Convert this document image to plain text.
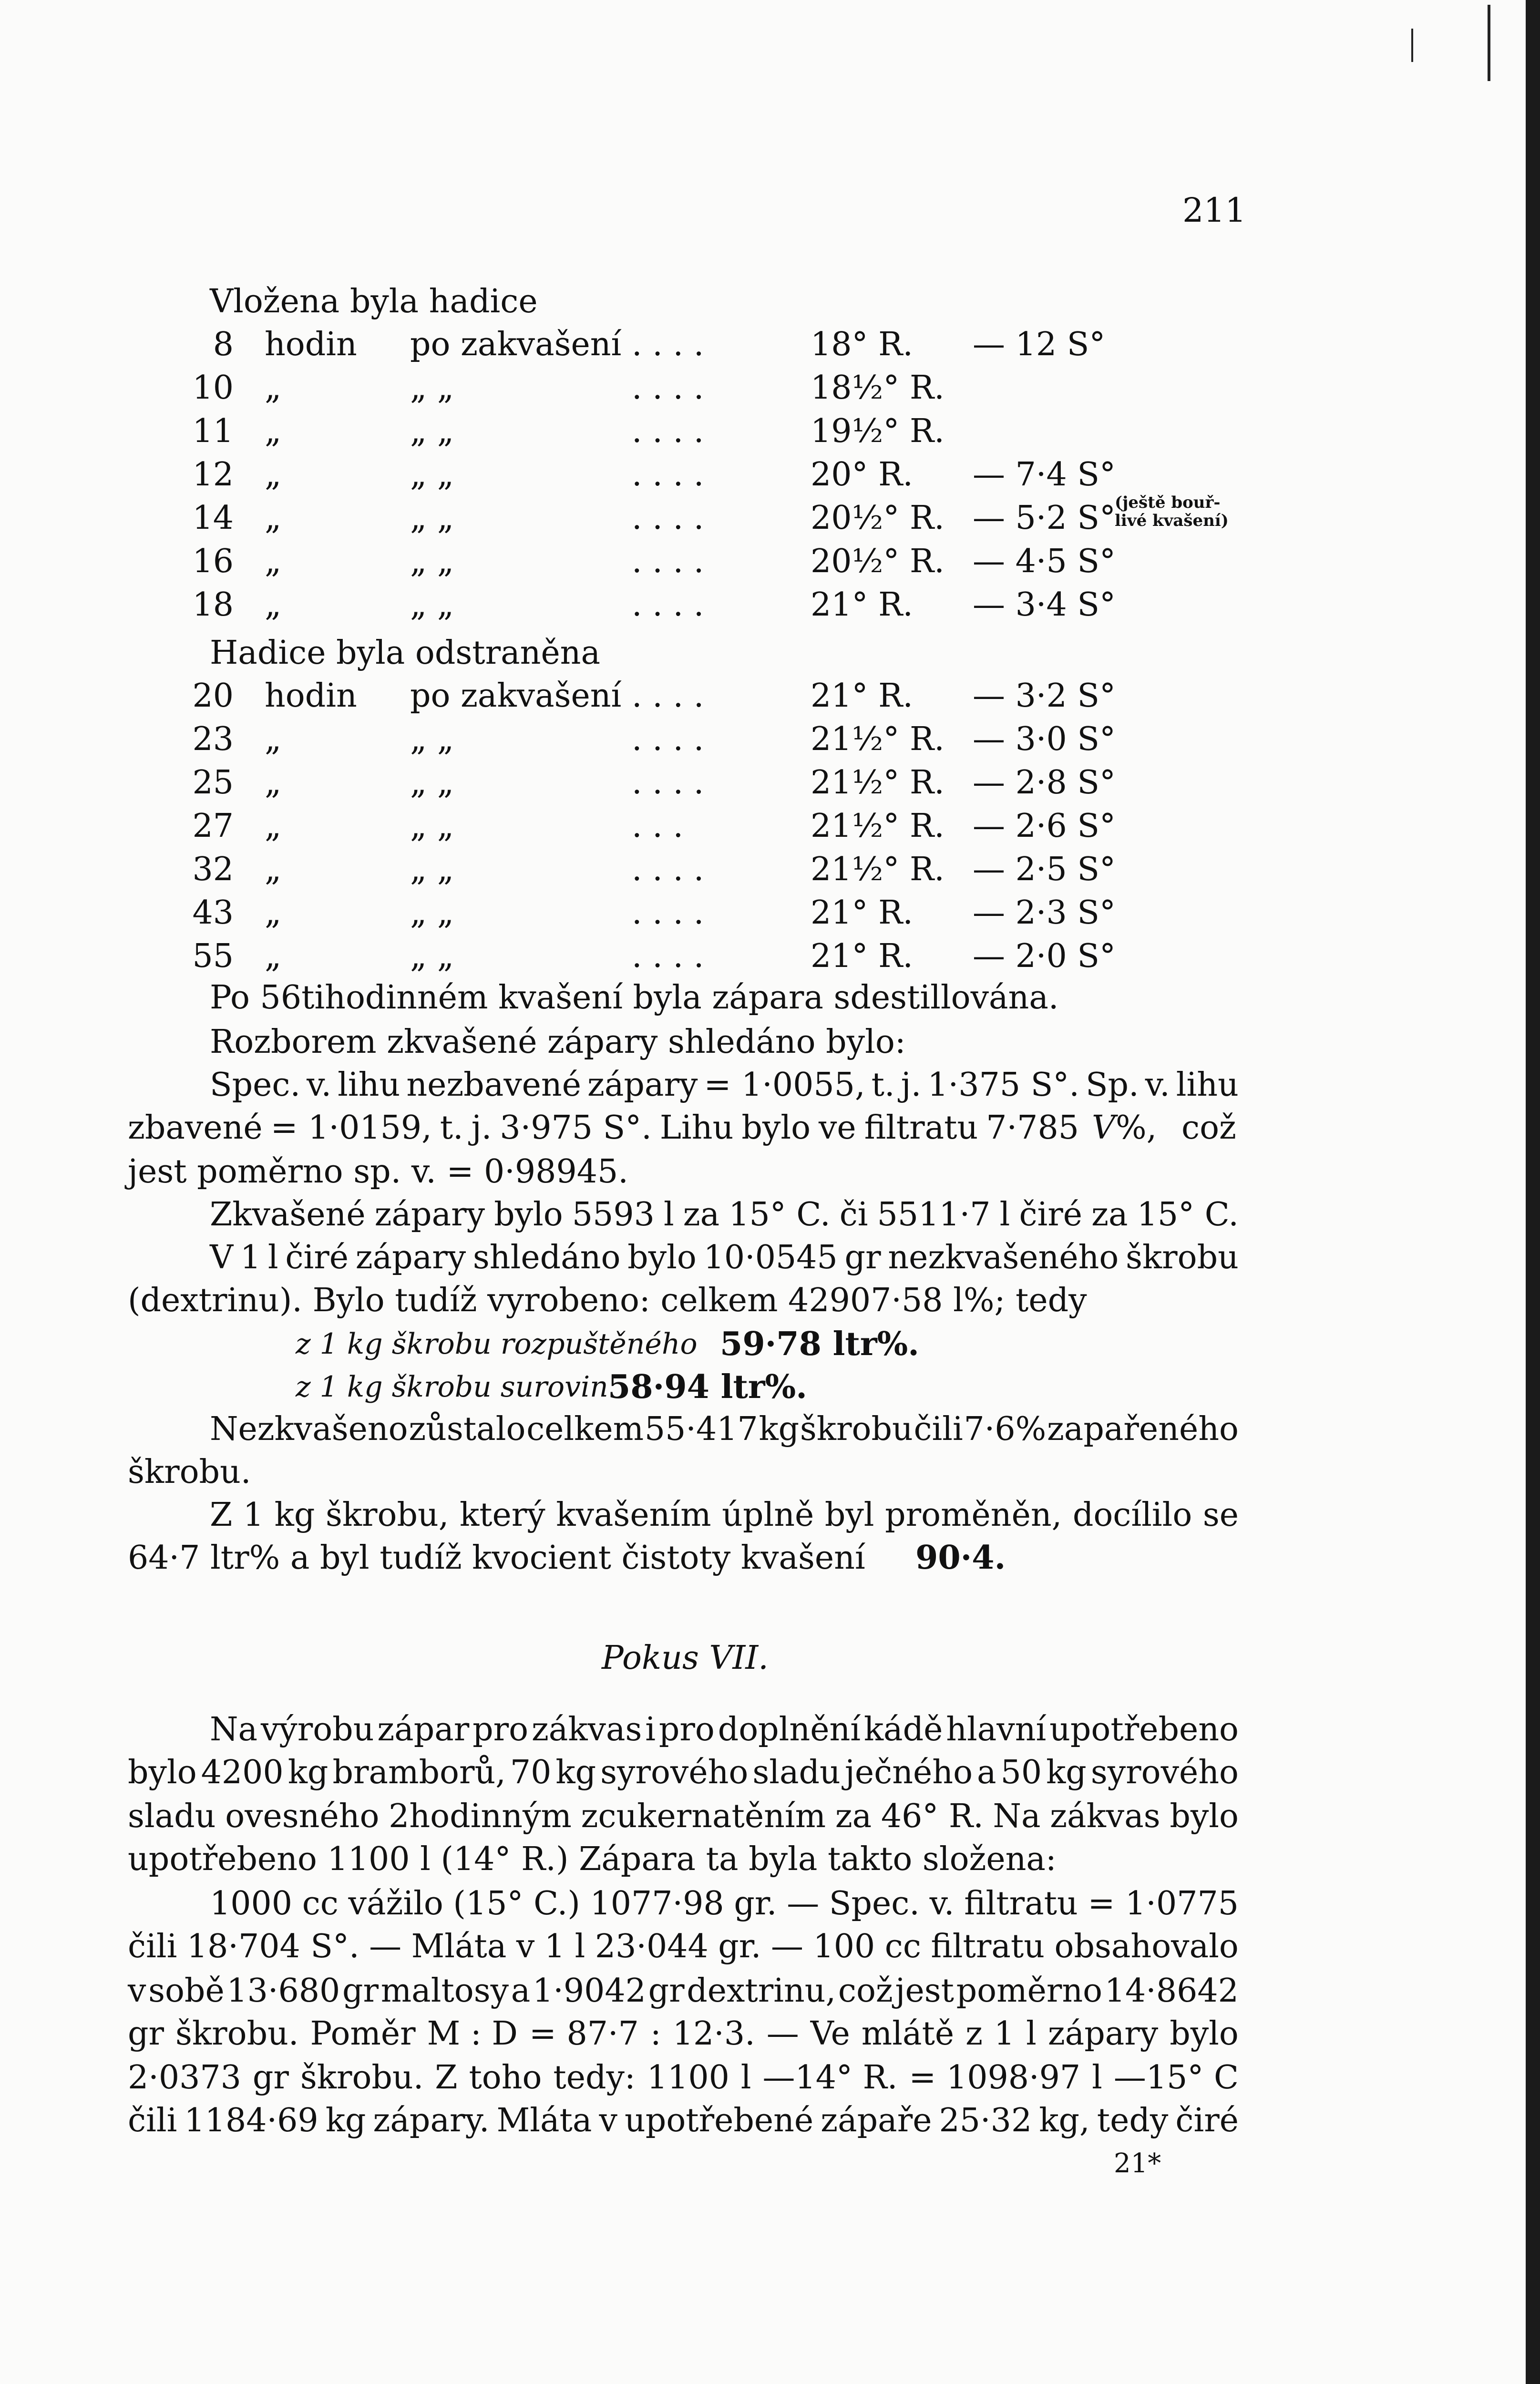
211
Vložena byla hadice
8 hodin po zakvašení . . . .	18° R. — 12 S°
10 „	„ „	. . . .	18½° R.
11 „	„ „	. . . .	19½° R.
12 „	„ „	. . . .	20° R. — 7·4 S°
14 „	„ „	. . . .	20½° R. — 5·2 S°
16 „	„ „	. . . .	20½° R. — 4·5 S°
18 „	„ „	. . . .	21° R. — 3·4 S°
(ještě bouř-
livé kvašení)
Hadice byla odstraněna
20 hodin po zakvašení . . . .	21° R. — 3·2 S°
23 „	„ „	. . . .	21½° R. — 3·0 S°
25 „	„ „	. . . .	21½° R. — 2·8 S°
27 „	„ „	. . .	21½° R. — 2·6 S°
32 „	„ „	. . . .	21½° R. — 2·5 S°
43 „	„ „	. . . .	21° R. — 2·3 S°
55 „	„ „	. . . .	21° R. — 2·0 S°
Po 56tihodinném kvašení byla zápara sdestillována.
Rozborem zkvašené zápary shledáno bylo:
Spec. v. lihu nezbavené zápary = 1·0055, t. j. 1·375 S°. Sp. v. lihu
zbavené = 1·0159, t. j. 3·975 S°. Lihu bylo ve filtratu 7·785 V %, což
jest poměrno sp. v. = 0·98945.
Zkvašené zápary bylo 5593 l za 15° C. či 5511·7 l čiré za 15° C.
V 1 l čiré zápary shledáno bylo 10·0545 gr nezkvašeného škrobu
(dextrinu). Bylo tudíž vyrobeno: celkem 42907·58 l%; tedy
z 1 kg škrobu rozpuštěného 59·78 ltr%.
z 1 kg škrobu surovin 58·94 ltr%.
Nezkvašeno zůstalo celkem 55·417 kg škrobu čili 7·6% zapařeného
škrobu.
Z 1 kg škrobu, který kvašením úplně byl proměněn, docílilo se
64·7 ltr% a byl tudíž kvocient čistoty kvašení 90·4.
Pokus VII.
Na výrobu zápar pro zákvas i pro doplnění kádě hlavní upotřebeno
bylo 4200 kg bramborů, 70 kg syrového sladu ječného a 50 kg syrového
sladu ovesného 2hodinným zcukernatěním za 46° R. Na zákvas bylo
upotřebeno 1100 l (14° R.) Zápara ta byla takto složena:
1000 cc vážilo (15° C.) 1077·98 gr. — Spec. v. filtratu = 1·0775
čili 18·704 S°. — Mláta v 1 l 23·044 gr. — 100 cc filtratu obsahovalo
v sobě 13·680 gr maltosy a 1·9042 gr dextrinu, což jest poměrno 14·8642
gr škrobu. Poměr M : D = 87·7 : 12·3. — Ve mlátě z 1 l zápary bylo
2·0373 gr škrobu. Z toho tedy: 1100 l —14° R. = 1098·97 l —15° C
čili 1184·69 kg zápary. Mláta v upotřebené zápaře 25·32 kg, tedy čiré
21*
